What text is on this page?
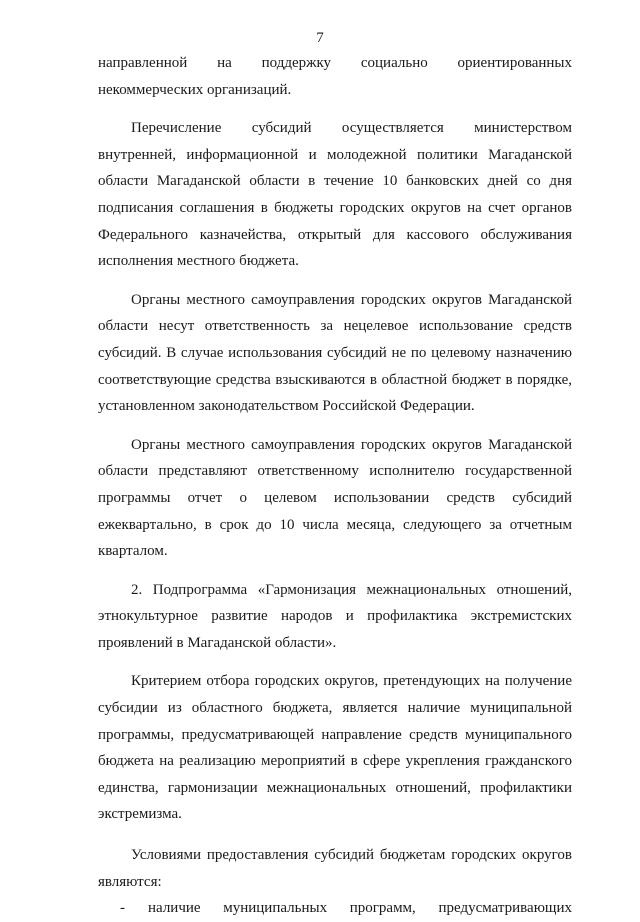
7

направленной на поддержку социально ориентированных некоммерческих организаций.

Перечисление субсидий осуществляется министерством внутренней, информационной и молодежной политики Магаданской области Магаданской области в течение 10 банковских дней со дня подписания соглашения в бюджеты городских округов на счет органов Федерального казначейства, открытый для кассового обслуживания исполнения местного бюджета.

Органы местного самоуправления городских округов Магаданской области несут ответственность за нецелевое использование средств субсидий. В случае использования субсидий не по целевому назначению соответствующие средства взыскиваются в областной бюджет в порядке, установленном законодательством Российской Федерации.

Органы местного самоуправления городских округов Магаданской области представляют ответственному исполнителю государственной программы отчет о целевом использовании средств субсидий ежеквартально, в срок до 10 числа месяца, следующего за отчетным кварталом.

2. Подпрограмма «Гармонизация межнациональных отношений, этнокультурное развитие народов и профилактика экстремистских проявлений в Магаданской области».

Критерием отбора городских округов, претендующих на получение субсидии из областного бюджета, является наличие муниципальной программы, предусматривающей направление средств муниципального бюджета на реализацию мероприятий в сфере укрепления гражданского единства, гармонизации межнациональных отношений, профилактики экстремизма.

Условиями предоставления субсидий бюджетам городских округов являются:

-	наличие муниципальных программ, предусматривающих
